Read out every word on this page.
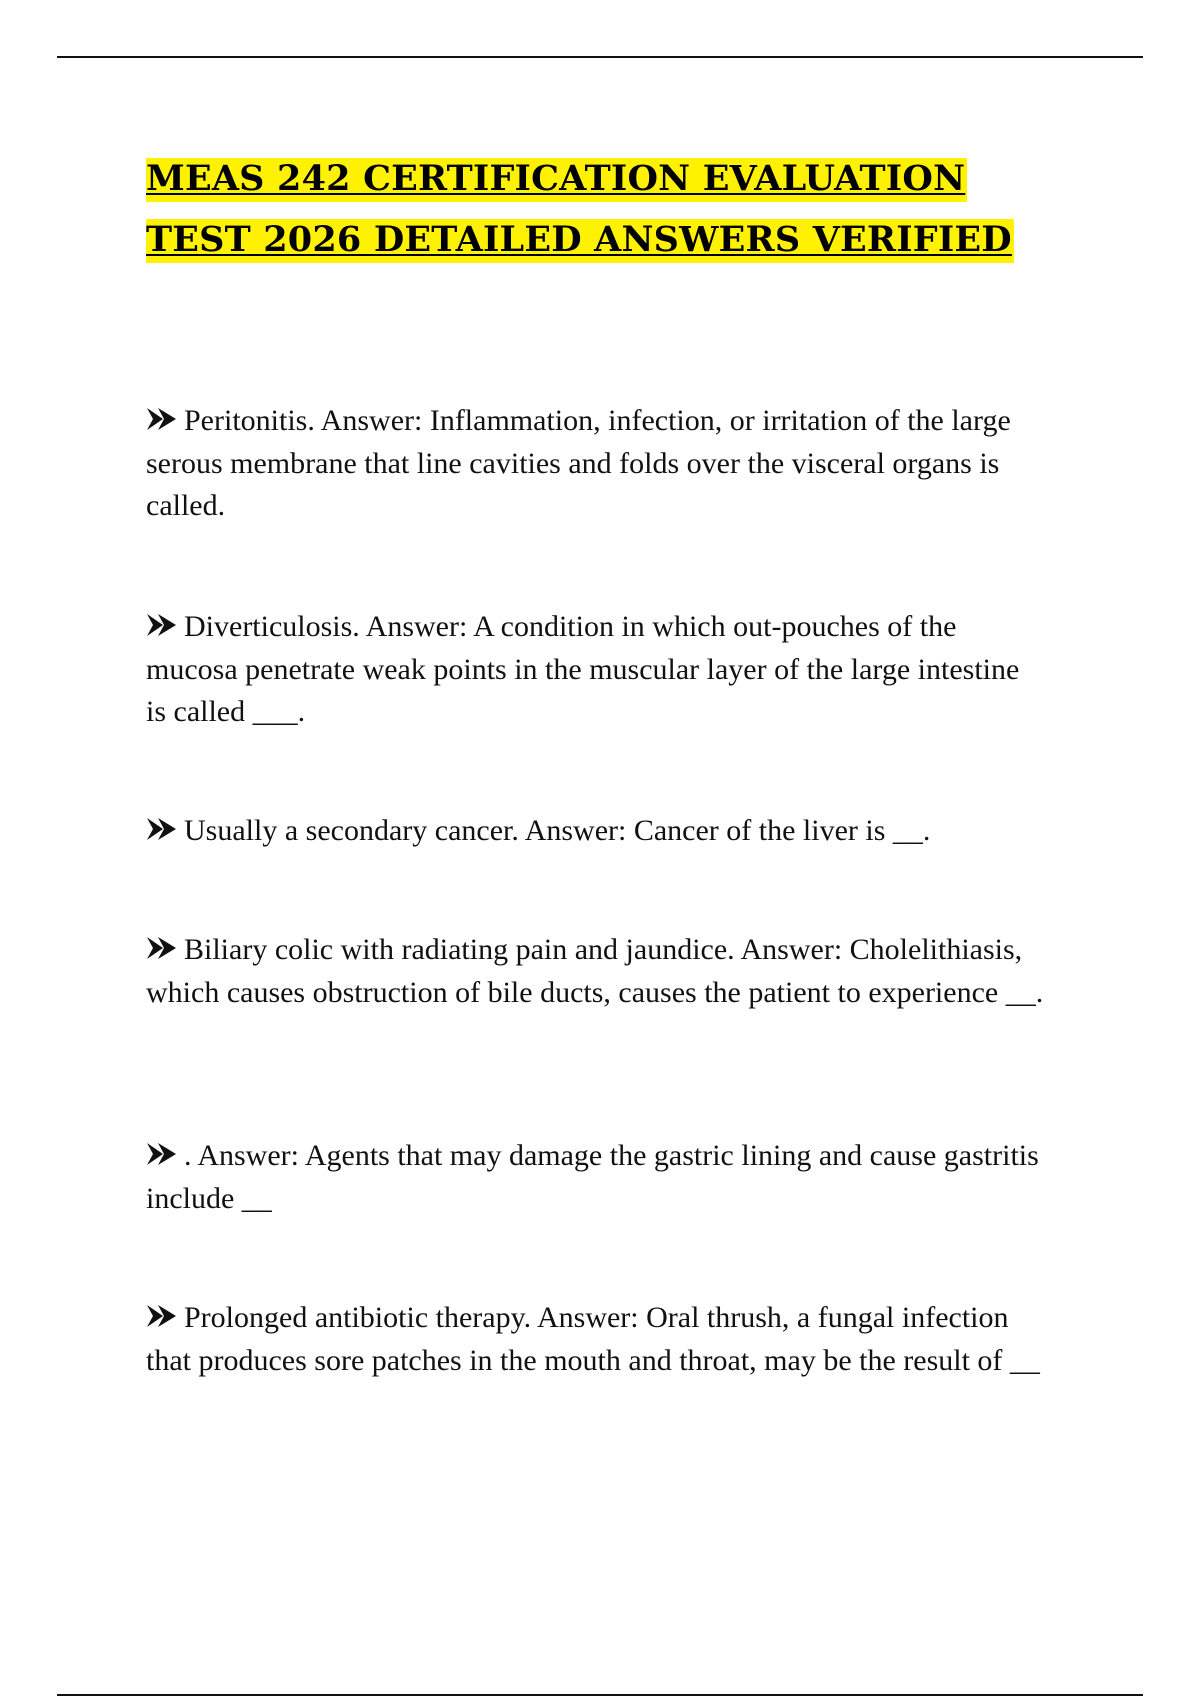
MEAS 242 CERTIFICATION EVALUATION
TEST 2026 DETAILED ANSWERS VERIFIED
Peritonitis. Answer: Inflammation, infection, or irritation of the large serous membrane that line cavities and folds over the visceral organs is called.
Diverticulosis. Answer: A condition in which out-pouches of the mucosa penetrate weak points in the muscular layer of the large intestine is called ___.
Usually a secondary cancer. Answer: Cancer of the liver is __.
Biliary colic with radiating pain and jaundice. Answer: Cholelithiasis, which causes obstruction of bile ducts, causes the patient to experience __.
. Answer: Agents that may damage the gastric lining and cause gastritis include __
Prolonged antibiotic therapy. Answer: Oral thrush, a fungal infection that produces sore patches in the mouth and throat, may be the result of __
